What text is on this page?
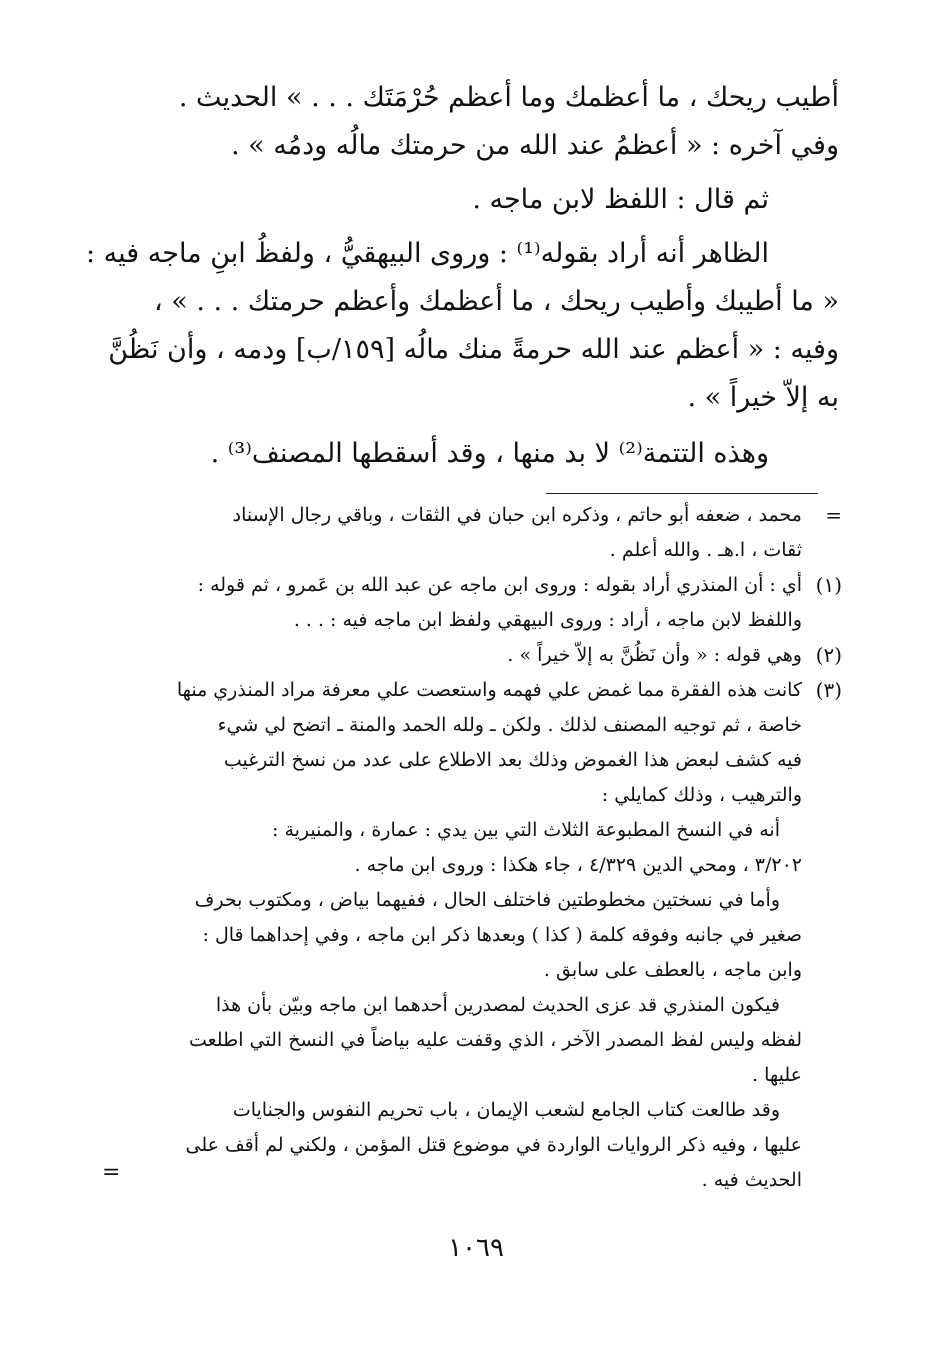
أطيب ريحك ، ما أعظمك وما أعظم حُرْمَتَك . . . » الحديث .
وفي آخره : « أعظمُ عند الله من حرمتك مالُه ودمُه » .
ثم قال : اللفظ لابن ماجه .
الظاهر أنه أراد بقوله⁽¹⁾ : وروى البيهقيُّ ، ولفظُ ابنِ ماجه فيه :
« ما أطيبك وأطيب ريحك ، ما أعظمك وأعظم حرمتك . . . » ،
وفيه : « أعظم عند الله حرمةً منك مالُه [١٥٩/ب] ودمه ، وأن نَظُنَّ
به إلاّ خيراً » .
وهذه التتمة⁽²⁾ لا بد منها ، وقد أسقطها المصنف⁽³⁾ .
=
محمد ، ضعفه أبو حاتم ، وذكره ابن حبان في الثقات ، وباقي رجال الإسناد
ثقات ، ا.هـ . والله أعلم .
(١)
أي : أن المنذري أراد بقوله : وروى ابن ماجه عن عبد الله بن عَمرو ، ثم قوله :
واللفظ لابن ماجه ، أراد : وروى البيهقي ولفظ ابن ماجه فيه : . . .
(٢)
وهي قوله : « وأن نَظُنَّ به إلاّ خيراً » .
(٣)
كانت هذه الفقرة مما غمض علي فهمه واستعصت علي معرفة مراد المنذري منها
خاصة ، ثم توجيه المصنف لذلك . ولكن ـ ولله الحمد والمنة ـ اتضح لي شيء
فيه كشف لبعض هذا الغموض وذلك بعد الاطلاع على عدد من نسخ الترغيب
والترهيب ، وذلك كمايلي :
أنه في النسخ المطبوعة الثلاث التي بين يدي : عمارة ، والمنيرية :
٣/٢٠٢ ، ومحي الدين ٤/٣٢٩ ، جاء هكذا : وروى ابن ماجه .
وأما في نسختين مخطوطتين فاختلف الحال ، ففيهما بياض ، ومكتوب بحرف
صغير في جانبه وفوقه كلمة ( كذا ) وبعدها ذكر ابن ماجه ، وفي إحداهما قال :
وابن ماجه ، بالعطف على سابق .
فيكون المنذري قد عزى الحديث لمصدرين أحدهما ابن ماجه وبيّن بأن هذا
لفظه وليس لفظ المصدر الآخر ، الذي وقفت عليه بياضاً في النسخ التي اطلعت
عليها .
وقد طالعت كتاب الجامع لشعب الإيمان ، باب تحريم النفوس والجنايات
عليها ، وفيه ذكر الروايات الواردة في موضوع قتل المؤمن ، ولكني لم أقف على
الحديث فيه .
=
١٠٦٩
